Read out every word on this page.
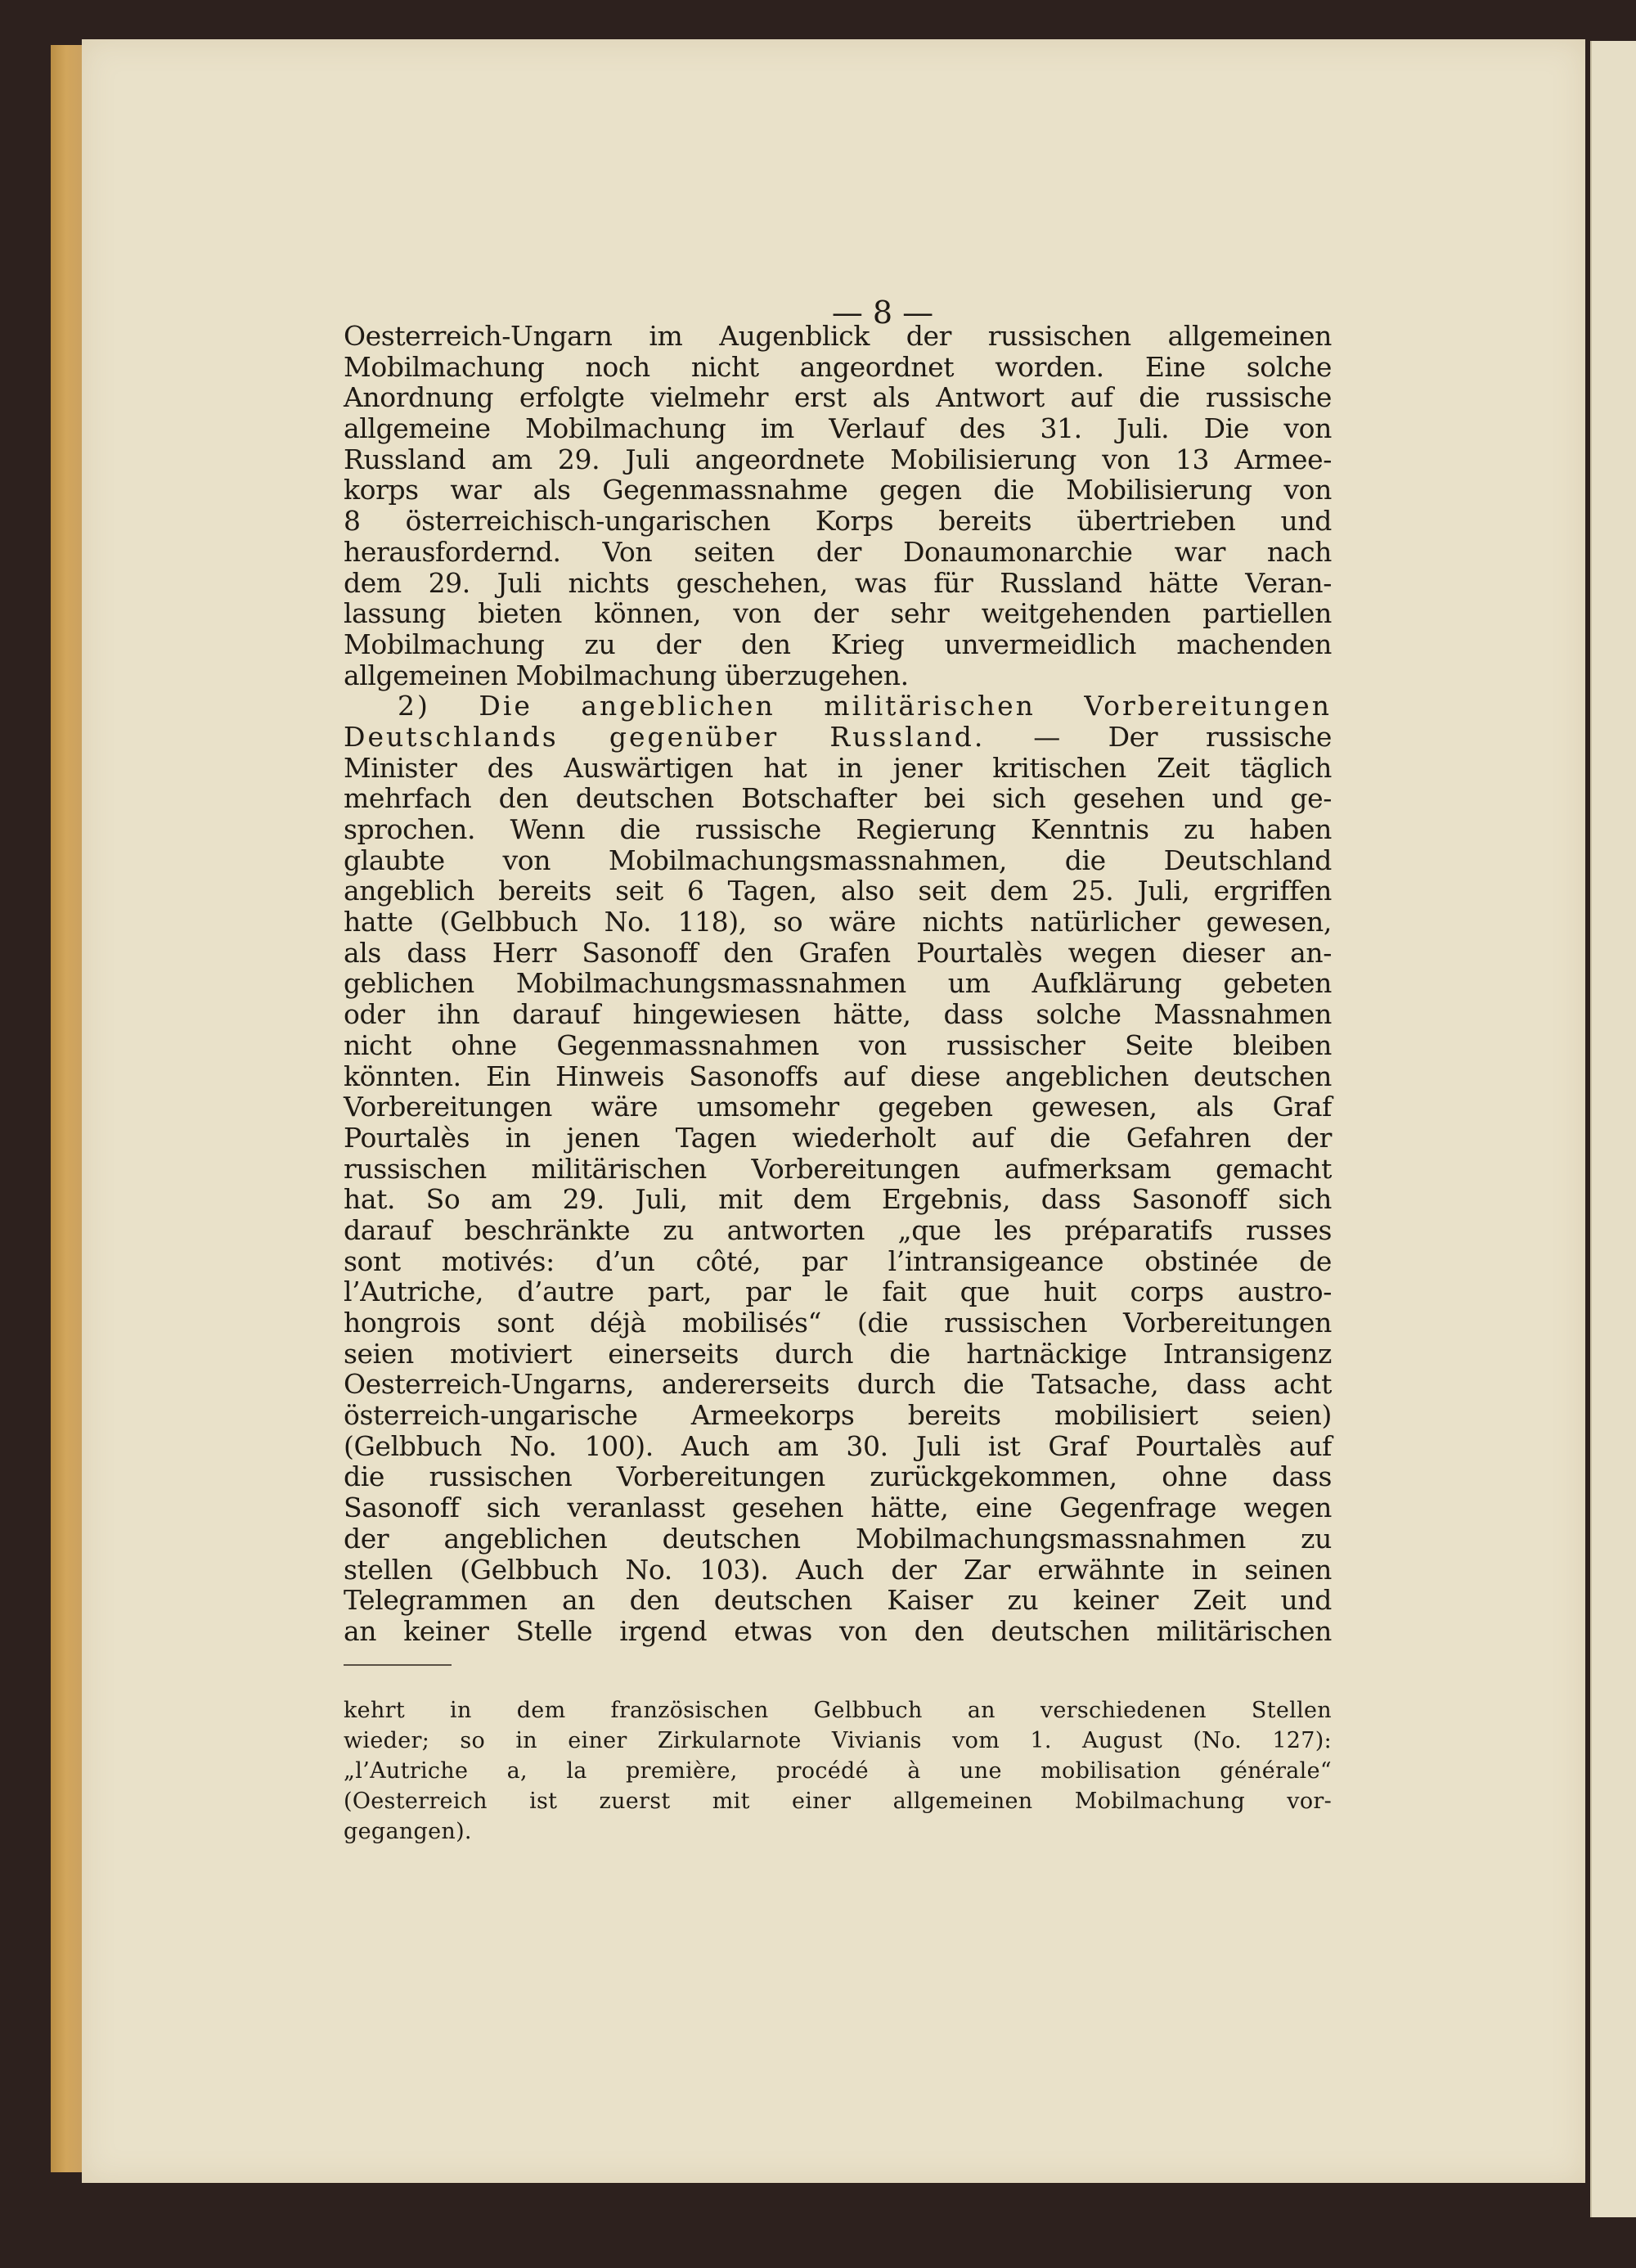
— 8 —
Oesterreich-Ungarn im Augenblick der russischen allgemeinen
Mobilmachung noch nicht angeordnet worden. Eine solche
Anordnung erfolgte vielmehr erst als Antwort auf die russische
allgemeine Mobilmachung im Verlauf des 31. Juli. Die von
Russland am 29. Juli angeordnete Mobilisierung von 13 Armee-
korps war als Gegenmassnahme gegen die Mobilisierung von
8 österreichisch-ungarischen Korps bereits übertrieben und
herausfordernd. Von seiten der Donaumonarchie war nach
dem 29. Juli nichts geschehen, was für Russland hätte Veran-
lassung bieten können, von der sehr weitgehenden partiellen
Mobilmachung zu der den Krieg unvermeidlich machenden
allgemeinen Mobilmachung überzugehen.
2) Die angeblichen militärischen Vorbereitungen
Deutschlands gegenüber Russland. — Der russische
Minister des Auswärtigen hat in jener kritischen Zeit täglich
mehrfach den deutschen Botschafter bei sich gesehen und ge-
sprochen. Wenn die russische Regierung Kenntnis zu haben
glaubte von Mobilmachungsmassnahmen, die Deutschland
angeblich bereits seit 6 Tagen, also seit dem 25. Juli, ergriffen
hatte (Gelbbuch No. 118), so wäre nichts natürlicher gewesen,
als dass Herr Sasonoff den Grafen Pourtalès wegen dieser an-
geblichen Mobilmachungsmassnahmen um Aufklärung gebeten
oder ihn darauf hingewiesen hätte, dass solche Massnahmen
nicht ohne Gegenmassnahmen von russischer Seite bleiben
könnten. Ein Hinweis Sasonoffs auf diese angeblichen deutschen
Vorbereitungen wäre umsomehr gegeben gewesen, als Graf
Pourtalès in jenen Tagen wiederholt auf die Gefahren der
russischen militärischen Vorbereitungen aufmerksam gemacht
hat. So am 29. Juli, mit dem Ergebnis, dass Sasonoff sich
darauf beschränkte zu antworten „que les préparatifs russes
sont motivés: d’un côté, par l’intransigeance obstinée de
l’Autriche, d’autre part, par le fait que huit corps austro-
hongrois sont déjà mobilisés“ (die russischen Vorbereitungen
seien motiviert einerseits durch die hartnäckige Intransigenz
Oesterreich-Ungarns, andererseits durch die Tatsache, dass acht
österreich-ungarische Armeekorps bereits mobilisiert seien)
(Gelbbuch No. 100). Auch am 30. Juli ist Graf Pourtalès auf
die russischen Vorbereitungen zurückgekommen, ohne dass
Sasonoff sich veranlasst gesehen hätte, eine Gegenfrage wegen
der angeblichen deutschen Mobilmachungsmassnahmen zu
stellen (Gelbbuch No. 103). Auch der Zar erwähnte in seinen
Telegrammen an den deutschen Kaiser zu keiner Zeit und
an keiner Stelle irgend etwas von den deutschen militärischen
kehrt in dem französischen Gelbbuch an verschiedenen Stellen
wieder; so in einer Zirkularnote Vivianis vom 1. August (No. 127):
„l’Autriche a, la première, procédé à une mobilisation générale“
(Oesterreich ist zuerst mit einer allgemeinen Mobilmachung vor-
gegangen).
